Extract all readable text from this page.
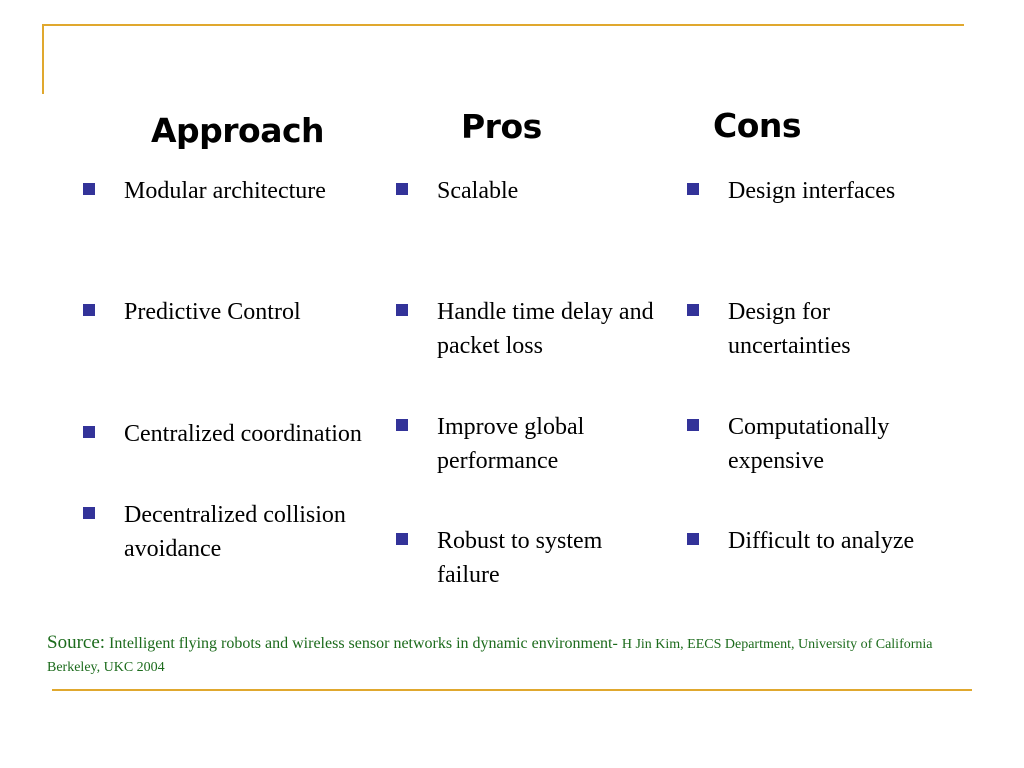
Approach	Pros	Cons
Modular architecture
Predictive Control
Centralized coordination
Decentralized collision avoidance
Scalable
Handle time delay and packet loss
Improve global performance
Robust to system failure
Design interfaces
Design for uncertainties
Computationally expensive
Difficult to analyze
Source: Intelligent flying robots and wireless sensor networks in dynamic environment- H Jin Kim, EECS Department, University of California Berkeley, UKC 2004
